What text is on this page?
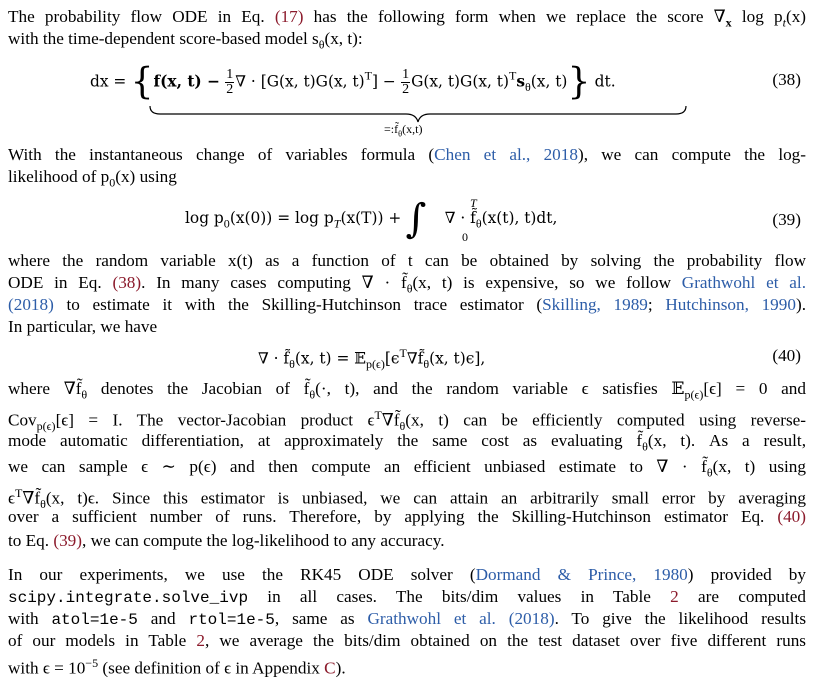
The probability flow ODE in Eq. (17) has the following form when we replace the score $\nabla_x$ $\log p_t(x)$
with the time-dependent score-based model $s_\theta(x$, t):
dx = {f(x, $t) - \frac{1}{2}$ ∇ · [G(x, t)G(x, $t)^T] - \frac{1}{2} G(x$, t)G(x, $t)^Ts_\theta(x$, t)} dt.
$=:f̃_\theta(x,t)$
(38)
With the instantaneous change of variables formula (Chen et al., 2018), we can compute the log-
likelihood of $p_0(x)$ using
$\log p_0(x(0)) = \log p_T(x(T))$ + ∫ ∇ · $f̃_\theta(x(t)$, t)dt,
T
0
(39)
where the random variable x(t) as a function of t can be obtained by solving the probability flow
ODE in Eq. (38). In many cases computing ∇ · $f̃_\theta(x$, t) is expensive, so we follow Grathwohl et al.
(2018) to estimate it with the Skilling-Hutchinson trace estimator (Skilling, 1989; Hutchinson, 1990).
In particular, we have
∇ · $f̃_\theta(x$, $t) = 𝔼_{p(\epsilon)}[\epsilon^T\nabla f̃_\theta(x$, t)ϵ],	(40)
where $\nabla f̃_\theta$ denotes the Jacobian of $f̃_\theta(\cdot$, t), and the random variable ϵ satisfies 𝔼$_{p(\epsilon)}$[ϵ] = 0 and
Cov$_{p(\epsilon)}$[ϵ] = I. The vector-Jacobian product $\epsilon^T\nabla f̃_\theta(x$, t) can be efficiently computed using reverse-
mode automatic differentiation, at approximately the same cost as evaluating $f̃_\theta(x$, t). As a result,
we can sample ϵ ∼ p(ϵ) and then compute an efficient unbiased estimate to ∇ · $f̃_\theta(x$, t) using
$\epsilon^T\nabla f̃_\theta(x$, t)ϵ. Since this estimator is unbiased, we can attain an arbitrarily small error by averaging
over a sufficient number of runs. Therefore, by applying the Skilling-Hutchinson estimator Eq. (40)
to Eq. (39), we can compute the log-likelihood to any accuracy.
In our experiments, we use the RK45 ODE solver (Dormand & Prince, 1980) provided by
scipy.integrate.solve_ivp in all cases. The bits/dim values in Table 2 are computed
with atol=1e-5 and rtol=1e-5, same as Grathwohl et al. (2018). To give the likelihood results
of our models in Table 2, we average the bits/dim obtained on the test dataset over five different runs
with $\epsilon = 10^{-5}$ (see definition of ϵ in Appendix C).
